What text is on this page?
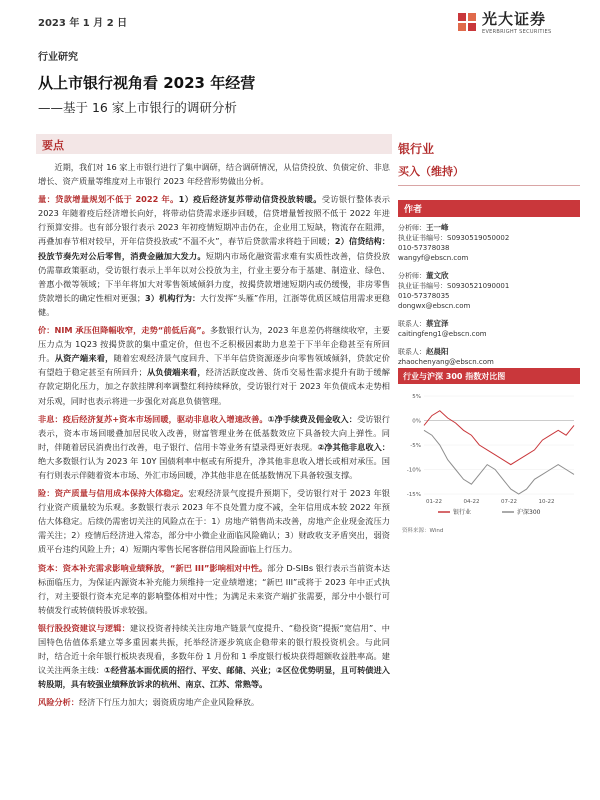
2023 年 1 月 2 日	光大证券
EVERBRIGHT SECURITIES
行业研究
从上市银行视角看 2023 年经营
——基于 16 家上市银行的调研分析
要点

近期，我们对 16 家上市银行进行了集中调研，结合调研情况，从信贷投放、负债定价、非息增长、资产质量等维度对上市银行 2023 年经营形势做出分析。

量：贷款增量规划不低于 2022 年。1）疫后经济复苏带动信贷投放转暖。受访银行整体表示 2023 年随着疫后经济增长向好，将带动信贷需求逐步回暖，信贷增量暂按照不低于 2022 年进行预算安排。也有部分银行表示 2023 年初疫情短期冲击仍在，企业用工短缺，物流存在阻滞，再叠加春节相对较早，开年信贷投放或“不温不火”，春节后贷款需求将趋于回暖；2）信贷结构：投放节奏先对公后零售，消费金融加大发力。短期内市场化融资需求难有实质性改善，信贷投放仍需靠政策驱动，受访银行表示上半年以对公投放为主，行业主要分布于基建、制造业、绿色、普惠小微等领域；下半年将加大对零售领域倾斜力度，按揭贷款增速短期内或仍缓慢，非房零售贷款增长的确定性相对更强；3）机构行为：大行发挥“头雁”作用，江浙等优质区域信用需求更稳健。

价：NIM 承压但降幅收窄，走势“前低后高”。多数银行认为，2023 年息差仍将继续收窄，主要压力点为 1Q23 按揭贷款的集中重定价，但也不乏积极因素助力息差于下半年企稳甚至有所回升。从资产端来看，随着宏观经济景气度回升、下半年信贷资源逐步向零售领域倾斜，贷款定价有望趋于稳定甚至有所回升；从负债端来看，经济活跃度改善、货币交易性需求提升有助于缓解存款定期化压力，加之存款挂牌利率调整红利持续释放，受访银行对于 2023 年负债成本走势相对乐观，同时也表示将进一步强化对高息负债管理。

非息：疫后经济复苏+资本市场回暖，驱动非息收入增速改善。①净手续费及佣金收入：受访银行表示，资本市场回暖叠加居民收入改善，财富管理业务在低基数效应下具备较大向上弹性。同时，伴随着居民消费出行改善，电子银行、信用卡等业务有望录得更好表现。②净其他非息收入：绝大多数银行认为 2023 年 10Y 国债利率中枢或有所提升，净其他非息收入增长或相对承压。国有行则表示伴随着资本市场、外汇市场回暖，净其他非息在低基数情况下具备较强支撑。

险：资产质量与信用成本保持大体稳定。宏观经济景气度提升预期下，受访银行对于 2023 年银行业资产质量较为乐观。多数银行表示 2023 年不良处置力度不减，全年信用成本较 2022 年预估大体稳定。后续仍需密切关注的风险点在于：1）房地产销售尚未改善，房地产企业现金流压力需关注；2）疫情后经济进入常态，部分中小微企业面临风险确认；3）财政收支矛盾突出，弱资质平台违约风险上升；4）短期内零售长尾客群信用风险面临上行压力。

资本：资本补充需求影响业绩释放，“新巴 III”影响相对中性。部分 D-SIBs 银行表示当前资本达标面临压力，为保证内源资本补充能力须维持一定业绩增速；“新巴 III”或将于 2023 年中正式执行，对主要银行资本充足率的影响整体相对中性；为满足未来资产端扩张需要，部分中小银行可转债发行或转债转股诉求较强。

银行股投资建议与逻辑：建议投资者持续关注房地产链景气度提升、“稳投资”提振“宽信用”、中国特色估值体系建立等多重因素共振，托举经济逐步筑底企稳带来的银行股投资机会。与此同时，结合近十余年银行板块表现看，多数年份 1 月份和 1 季度银行板块获得超额收益胜率高。建议关注两条主线：①经营基本面优质的招行、平安、邮储、兴业；②区位优势明显，且可转债进入转股期，具有较强业绩释放诉求的杭州、南京、江苏、常熟等。

风险分析：经济下行压力加大；弱资质房地产企业风险释放。

银行业
买入（维持）
作者
分析师：王一峰
执业证书编号：S0930519050002
010-57378038
wangyf@ebscn.com
分析师：董文欣
执业证书编号：S0930521090001
010-57378035
dongwx@ebscn.com
联系人：蔡宜泽
caitingfeng1@ebscn.com
联系人：赵晨阳
zhaochenyang@ebscn.com
行业与沪深 300 指数对比图
5%
0%
-5%
-10%
-15%
01-22	04-22	07-22	10-22
银行业	沪深300
资料来源：Wind
